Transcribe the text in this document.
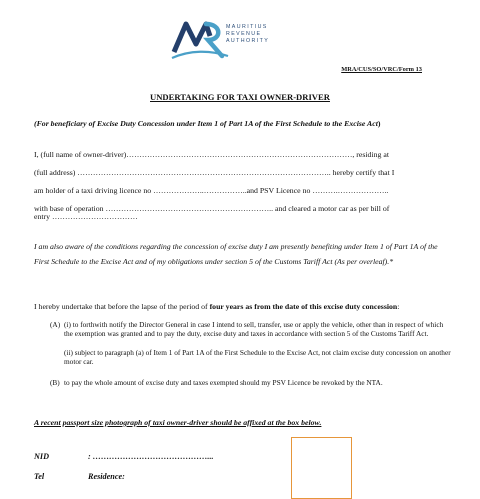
MAURITIUS
REVENUE
AUTHORITY
MRA/CUS/SO/VRC/Form 13
UNDERTAKING FOR TAXI OWNER-DRIVER
(For beneficiary of Excise Duty Concession under Item 1 of Part 1A of the First Schedule to the Excise Act)
I, (full name of owner-driver)……………………………………………………………………………, residing at
(full address) …………………………………………………………………………………….. hereby certify that I
am holder of a taxi driving licence no ………………..……………..and PSV Licence no ……….………………..
with base of operation ……………………………………………………….. and cleared a motor car as per bill of
entry ……………………………
I am also aware of the conditions regarding the concession of excise duty I am presently benefiting under Item 1 of Part 1A of the First Schedule to the Excise Act and of my obligations under section 5 of the Customs Tariff Act (As per overleaf).*
I hereby undertake that before the lapse of the period of four years as from the date of this excise duty concession:
(A) (i) to forthwith notify the Director General in case I intend to sell, transfer, use or apply the vehicle, other than in respect of which the exemption was granted and to pay the duty, excise duty and taxes in accordance with section 5 of the Customs Tariff Act.
(ii) subject to paragraph (a) of Item 1 of Part 1A of the First Schedule to the Excise Act, not claim excise duty concession on another motor car.
(B) to pay the whole amount of excise duty and taxes exempted should my PSV Licence be revoked by the NTA.
A recent passport size photograph of taxi owner-driver should be affixed at the box below.
NID	: ……………………………………...
Tel	Residence:
